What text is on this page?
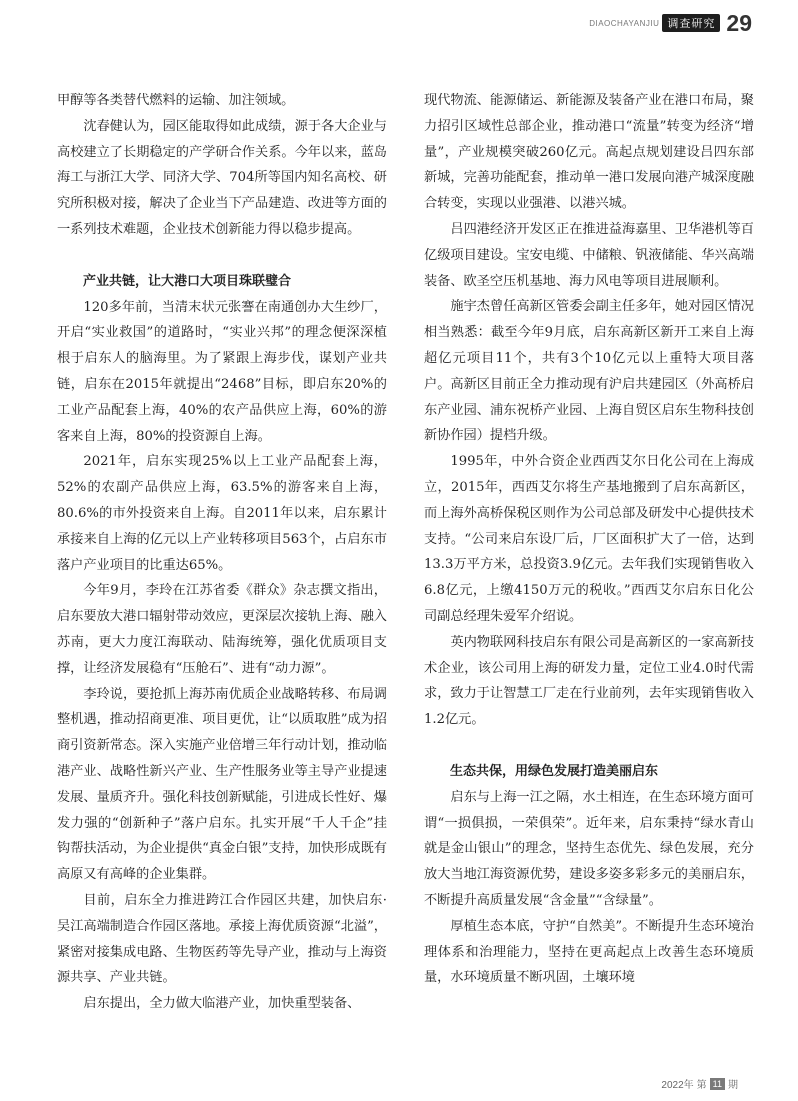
DIAOCHAYANJIU 调查研究 29

甲醇等各类替代燃料的运输、加注领域。

沈春健认为，园区能取得如此成绩，源于各大企业与高校建立了长期稳定的产学研合作关系。今年以来，蓝岛海工与浙江大学、同济大学、704所等国内知名高校、研究所积极对接，解决了企业当下产品建造、改进等方面的一系列技术难题，企业技术创新能力得以稳步提高。

产业共链，让大港口大项目珠联璧合

120多年前，当清末状元张謇在南通创办大生纱厂，开启“实业救国”的道路时，“实业兴邦”的理念便深深植根于启东人的脑海里。为了紧跟上海步伐，谋划产业共链，启东在2015年就提出“2468”目标，即启东20%的工业产品配套上海，40%的农产品供应上海，60%的游客来自上海，80%的投资源自上海。

2021年，启东实现25%以上工业产品配套上海，52%的农副产品供应上海，63.5%的游客来自上海，80.6%的市外投资来自上海。自2011年以来，启东累计承接来自上海的亿元以上产业转移项目563个，占启东市落户产业项目的比重达65%。

今年9月，李玲在江苏省委《群众》杂志撰文指出，启东要放大港口辐射带动效应，更深层次接轨上海、融入苏南，更大力度江海联动、陆海统筹，强化优质项目支撑，让经济发展稳有“压舱石”、进有“动力源”。

李玲说，要抢抓上海苏南优质企业战略转移、布局调整机遇，推动招商更准、项目更优，让“以质取胜”成为招商引资新常态。深入实施产业倍增三年行动计划，推动临港产业、战略性新兴产业、生产性服务业等主导产业提速发展、量质齐升。强化科技创新赋能，引进成长性好、爆发力强的“创新种子”落户启东。扎实开展“千人千企”挂钩帮扶活动，为企业提供“真金白银”支持，加快形成既有高原又有高峰的企业集群。

目前，启东全力推进跨江合作园区共建，加快启东·吴江高端制造合作园区落地。承接上海优质资源“北溢”，紧密对接集成电路、生物医药等先导产业，推动与上海资源共享、产业共链。

启东提出，全力做大临港产业，加快重型装备、

现代物流、能源储运、新能源及装备产业在港口布局，聚力招引区域性总部企业，推动港口“流量”转变为经济“增量”，产业规模突破260亿元。高起点规划建设吕四东部新城，完善功能配套，推动单一港口发展向港产城深度融合转变，实现以业强港、以港兴城。

吕四港经济开发区正在推进益海嘉里、卫华港机等百亿级项目建设。宝安电缆、中储粮、钒液储能、华兴高端装备、欧圣空压机基地、海力风电等项目进展顺利。

施宇杰曾任高新区管委会副主任多年，她对园区情况相当熟悉：截至今年9月底，启东高新区新开工来自上海超亿元项目11个，共有3个10亿元以上重特大项目落户。高新区目前正全力推动现有沪启共建园区（外高桥启东产业园、浦东祝桥产业园、上海自贸区启东生物科技创新协作园）提档升级。

1995年，中外合资企业西西艾尔日化公司在上海成立，2015年，西西艾尔将生产基地搬到了启东高新区，而上海外高桥保税区则作为公司总部及研发中心提供技术支持。“公司来启东设厂后，厂区面积扩大了一倍，达到13.3万平方米，总投资3.9亿元。去年我们实现销售收入6.8亿元，上缴4150万元的税收。”西西艾尔启东日化公司副总经理朱爱军介绍说。

英内物联网科技启东有限公司是高新区的一家高新技术企业，该公司用上海的研发力量，定位工业4.0时代需求，致力于让智慧工厂走在行业前列，去年实现销售收入1.2亿元。

生态共保，用绿色发展打造美丽启东

启东与上海一江之隔，水土相连，在生态环境方面可谓“一损俱损，一荣俱荣”。近年来，启东秉持“绿水青山就是金山银山”的理念，坚持生态优先、绿色发展，充分放大当地江海资源优势，建设多姿多彩多元的美丽启东，不断提升高质量发展“含金量”“含绿量”。

厚植生态本底，守护“自然美”。不断提升生态环境治理体系和治理能力，坚持在更高起点上改善生态环境质量，水环境质量不断巩固，土壤环境

2022年 第 11 期
